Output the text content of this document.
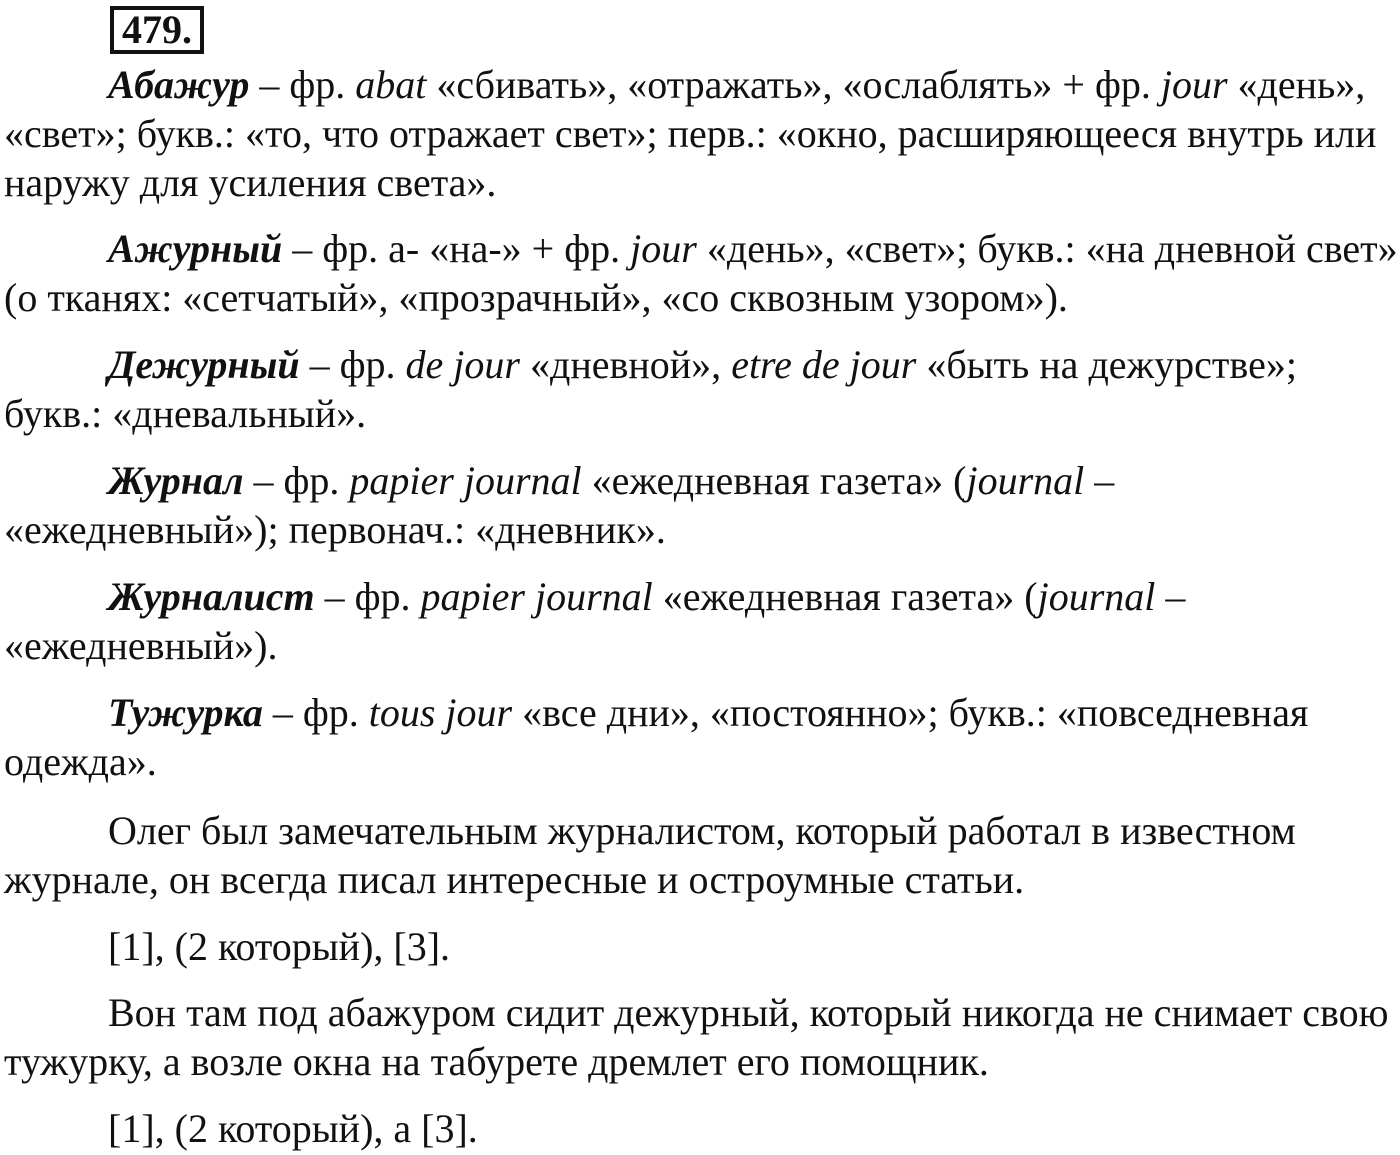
479.

Абажур – фр. abat «сбивать», «отражать», «ослаблять» + фр. jour «день», «свет»; букв.: «то, что отражает свет»; перв.: «окно, расширяющееся внутрь или наружу для усиления света».

Ажурный – фр. а- «на-» + фр. jour «день», «свет»; букв.: «на дневной свет» (о тканях: «сетчатый», «прозрачный», «со сквозным узором»).

Дежурный – фр. de jour «дневной», etre de jour «быть на дежурстве»; букв.: «дневальный».

Журнал – фр. papier journal «ежедневная газета» (journal – «ежедневный»); первонач.: «дневник».

Журналист – фр. papier journal «ежедневная газета» (journal – «ежедневный»).

Тужурка – фр. tous jour «все дни», «постоянно»; букв.: «повседневная одежда».

Олег был замечательным журналистом, который работал в известном журнале, он всегда писал интересные и остроумные статьи.

[1], (2 который), [3].

Вон там под абажуром сидит дежурный, который никогда не снимает свою тужурку, а возле окна на табурете дремлет его помощник.

[1], (2 который), а [3].
